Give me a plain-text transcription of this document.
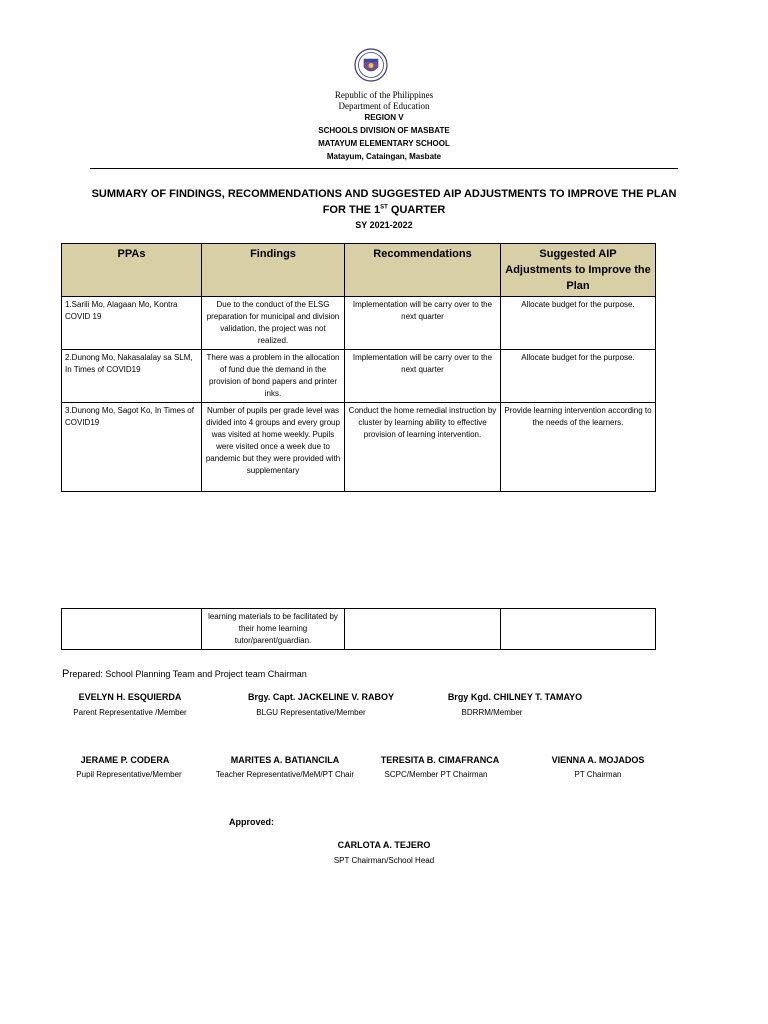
Republic of the Philippines
Department of Education
REGION V
SCHOOLS DIVISION OF MASBATE
MATAYUM ELEMENTARY SCHOOL
Matayum, Cataingan, Masbate
SUMMARY OF FINDINGS, RECOMMENDATIONS AND SUGGESTED AIP ADJUSTMENTS TO IMPROVE THE PLAN
FOR THE 1ST QUARTER
SY 2021-2022
PPAs	Findings	Recommendations	Suggested AIP Adjustments to Improve the Plan
1.Sarili Mo, Alagaan Mo, Kontra COVID 19	Due to the conduct of the ELSG preparation for municipal and division validation, the project was not realized.	Implementation will be carry over to the next quarter	Allocate budget for the purpose.
2.Dunong Mo, Nakasalalay sa SLM, In Times of COVID19	There was a problem in the allocation of fund due the demand in the provision of bond papers and printer inks.	Implementation will be carry over to the next quarter	Allocate budget for the purpose.
3.Dunong Mo, Sagot Ko, In Times of COVID19	Number of pupils per grade level was divided into 4 groups and every group was visited at home weekly. Pupils were visited once a week due to pandemic but they were provided with supplementary	Conduct the home remedial instruction by cluster by learning ability to effective provision of learning intervention.	Provide learning intervention according to the needs of the learners.
	learning materials to be facilitated by their home learning tutor/parent/guardian.		
Prepared: School Planning Team and Project team Chairman
EVELYN H. ESQUIERDA
Parent Representative /Member
Brgy. Capt. JACKELINE V. RABOY
BLGU Representative/Member
Brgy Kgd. CHILNEY T. TAMAYO
BDRRM/Member
JERAME P. CODERA
Pupil Representative/Member
MARITES A. BATIANCILA
Teacher Representative/MeM/PT Chair
TERESITA B. CIMAFRANCA
SCPC/Member PT Chairman
VIENNA A. MOJADOS
PT Chairman
Approved:
CARLOTA A. TEJERO
SPT Chairman/School Head
